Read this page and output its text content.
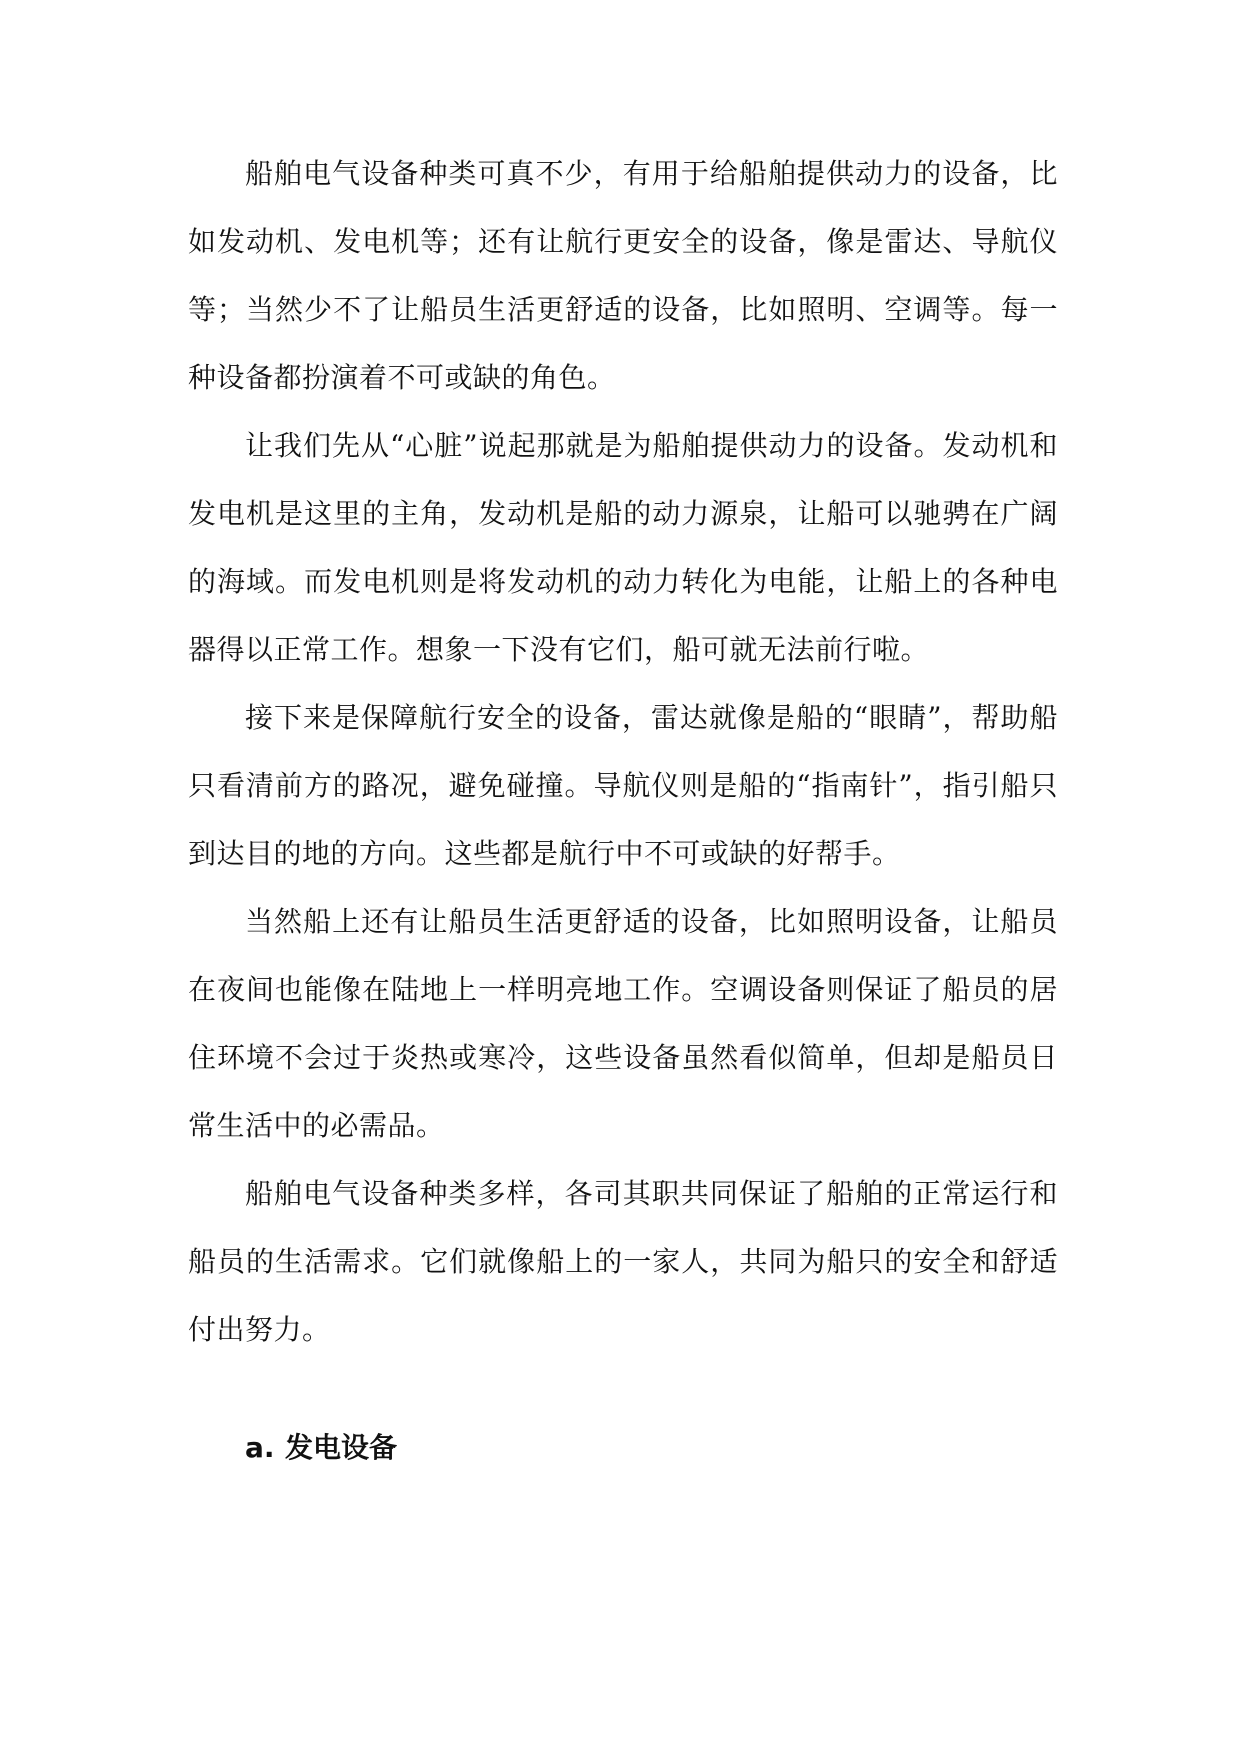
船舶电气设备种类可真不少，有用于给船舶提供动力的设备，比如发动机、发电机等；还有让航行更安全的设备，像是雷达、导航仪等；当然少不了让船员生活更舒适的设备，比如照明、空调等。每一种设备都扮演着不可或缺的角色。

让我们先从“心脏”说起那就是为船舶提供动力的设备。发动机和发电机是这里的主角，发动机是船的动力源泉，让船可以驰骋在广阔的海域。而发电机则是将发动机的动力转化为电能，让船上的各种电器得以正常工作。想象一下没有它们，船可就无法前行啦。

接下来是保障航行安全的设备，雷达就像是船的“眼睛”，帮助船只看清前方的路况，避免碰撞。导航仪则是船的“指南针”，指引船只到达目的地的方向。这些都是航行中不可或缺的好帮手。

当然船上还有让船员生活更舒适的设备，比如照明设备，让船员在夜间也能像在陆地上一样明亮地工作。空调设备则保证了船员的居住环境不会过于炎热或寒冷，这些设备虽然看似简单，但却是船员日常生活中的必需品。

船舶电气设备种类多样，各司其职共同保证了船舶的正常运行和船员的生活需求。它们就像船上的一家人，共同为船只的安全和舒适付出努力。

a. 发电设备
